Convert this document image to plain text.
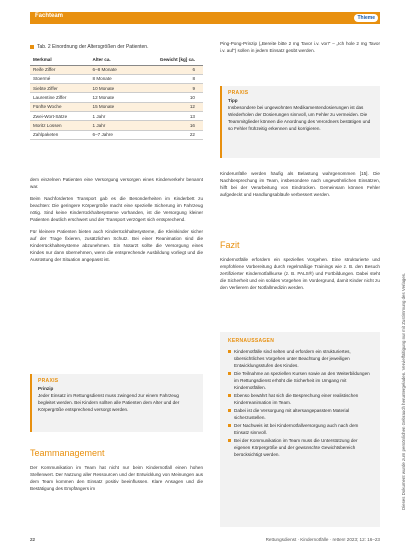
Fachteam	Thieme
Tab. 2 Einordnung der Altersgrößen der Patienten.
Merkmal	Alter ca.	Gewicht [kg] ca.
Reife Ziffer	6–8 Monate	6
Stoermé	8 Monate	8
Siebte Ziffer	10 Monate	9
Laurentine Ziffer	12 Monate	10
Fünfte Woche	15 Monate	12
Zwei-Wort-Sätze	1 Jahr	13
Moritz Lossen	1 Jahr	16
Zahlpaketen	6–7 Jahre	22

dem einzelnen Patienten eine Versorgung versorgen eines Kinderverkehr benannt war.

Beim Nachforderten Transport gab es die Besonderheiten im Kinderbett zu beachten: Die geringere Körpergröße macht eine spezielle Sicherung im Fahrzeug nötig. Sind keine Kinderrückhaltesysteme vorhanden, ist die Versorgung kleiner Patienten deutlich erschwert und der Transport verzögert sich entsprechend.

Für kleinere Patienten bieten auch Kinderrückhaltesysteme, die Kleinkinder sicher auf der Trage fixieren, zusätzlichen Schutz. Bei einer Reanimation sind die Kinderrückhaltesysteme abzunehmen. Ein Notarzt sollte die Versorgung eines Kindes nur dann übernehmen, wenn die entsprechende Ausbildung vorliegt und die Ausrüstung der Situation angepasst ist.

PRAXIS
Prinzip
Jeder Einsatz im Rettungsdienst muss zwingend zur einem Fahrzeug begleitet werden. Bei Kindern sollten alle Patienten dem Alter und der Körpergröße entsprechend versorgt werden.
Teammanagement

Der Kommunikation im Team hat nicht nur beim Kindernotfall einen hohen Stellenwert. Der Nutzung aller Ressourcen und der Entwicklung von Meinungen aus dem Team kommen den Einsatz positiv beeinflussen. Klare Ansagen und die Bestätigung des Empfängers im

Ping-Pong-Prinzip („Bereite bitte 2 mg Tavor i.v. vor!“ – „Ich hole 2 mg Tavor i.v. auf“) sollen in jedem Einsatz geübt werden.

PRAXIS
Tipp
Insbesondere bei ungewohnten Medikamentendosierungen ist das Wiederholen der Dosierungen sinnvoll, um Fehler zu vermeiden. Die Teammitglieder können die Anordnung des Verordners bestätigen und so Fehler frühzeitig erkennen und korrigieren.

Kinderunfälle werden häufig als Belastung wahrgenommen [15]. Die Nachbesprechung im Team, insbesondere nach ungewöhnlichen Einsätzen, hilft bei der Verarbeitung von Eindrücken. Gemeinsam können Fehler aufgedeckt und Handlungsabläufe verbessert werden.

Fazit

Kindernotfälle erfordern ein spezielles Vorgehen. Eine strukturierte und empfohlene Vorbereitung durch regelmäßige Trainings wie z. B. den Besuch zertifizierter Kindernotfallkurse (z. B. PALS®) und Fortbildungen. Dabei steht die Sicherheit und ein solides Vorgehen im Vordergrund, damit Kinder nicht zu den Verlierern der Notfallmedizin werden.

KERNAUSSAGEN
Kindernotfälle sind selten und erfordern ein strukturiertes, übersichtliches Vorgehen unter Beachtung der jeweiligen Entwicklungsstufen des Kindes.
Die Teilnahme an speziellen Kursen sowie an den Weiterbildungen im Rettungsdienst erhöht die Sicherheit im Umgang mit Kindernotfällen.
Ebenso bewährt hat sich die Besprechung einer realistischen Kinderreanimation im Team.
Dabei ist die Versorgung mit altersangepasstem Material sicherzustellen.
Der Nachweis ist bei Kindernotfallversorgung auch nach dem Einsatz sinnvoll.
Bei der Kommunikation im Team muss die Unterstützung der eigenen Körpergröße und der gewünschte Gewichtsbereich berücksichtigt werden.	Dieses Dokument wurde zum persönlichen Gebrauch heruntergeladen. Vervielfältigung nur mit Zustimmung des Verlages.
22	Rettungsdienst · Kindernotfälle · retten! 2023; 12: 16–23
